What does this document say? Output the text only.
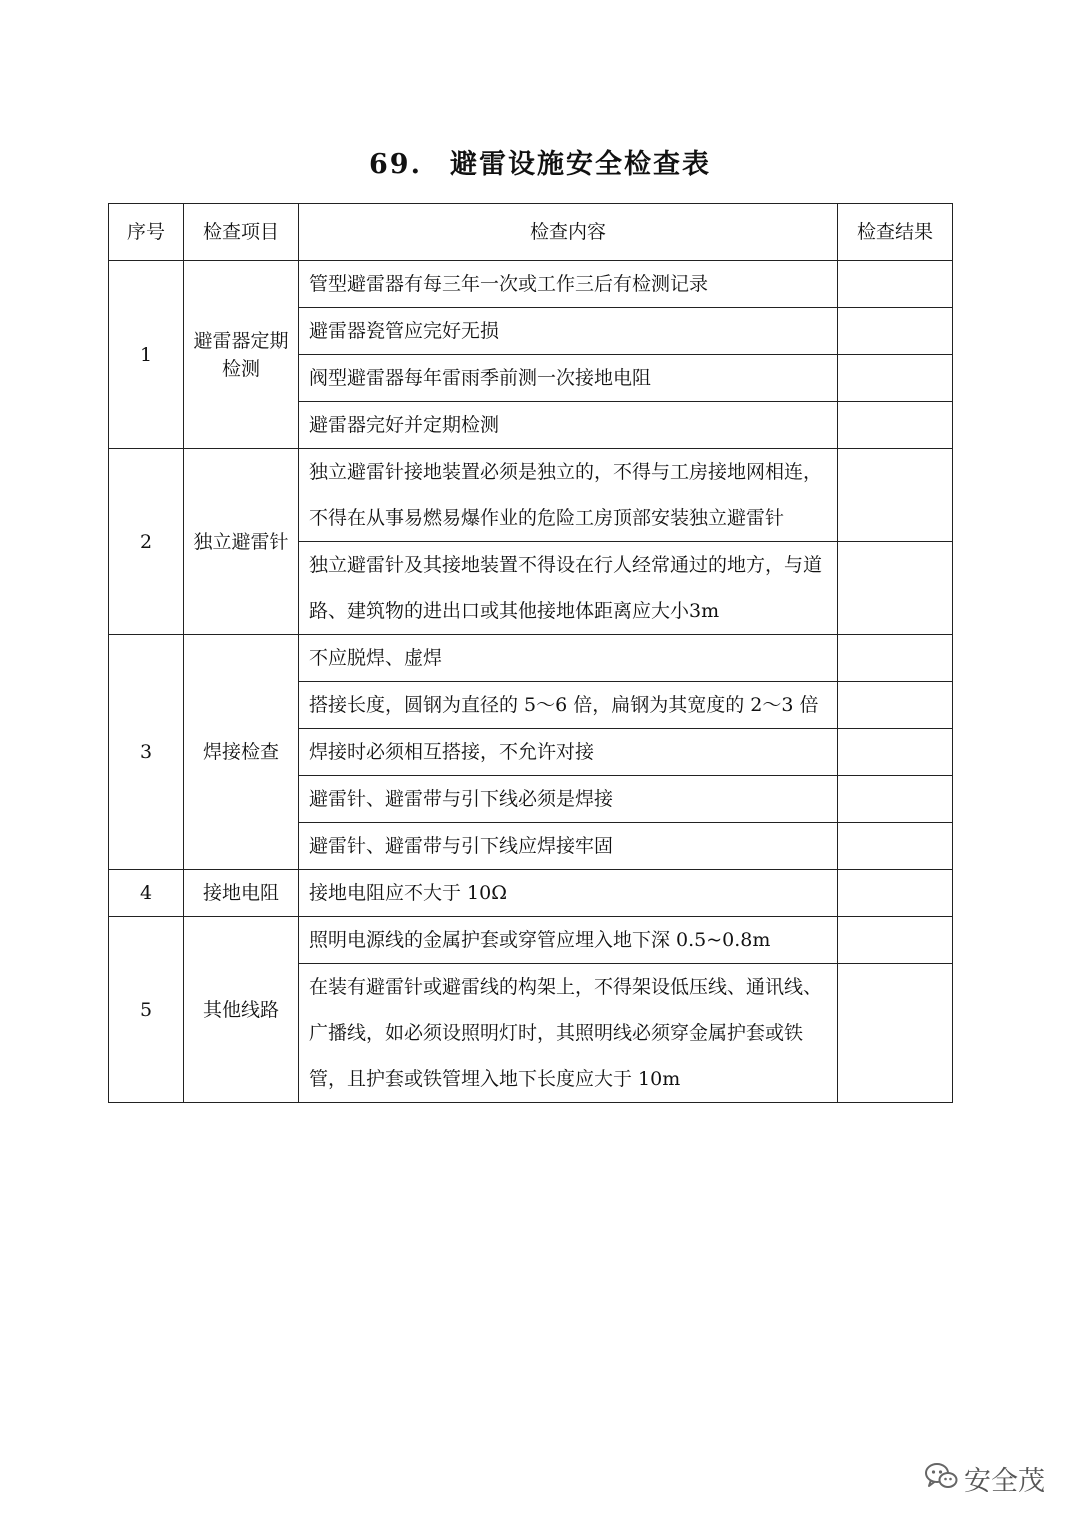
69. 避雷设施安全检查表
序号	检查项目	检查内容	检查结果
1	避雷器定期检测	管型避雷器有每三年一次或工作三后有检测记录	
		避雷器瓷管应完好无损	
		阀型避雷器每年雷雨季前测一次接地电阻	
		避雷器完好并定期检测	
2	独立避雷针	独立避雷针接地装置必须是独立的，不得与工房接地网相连，不得在从事易燃易爆作业的危险工房顶部安装独立避雷针	
		独立避雷针及其接地装置不得设在行人经常通过的地方，与道路、建筑物的进出口或其他接地体距离应大小3m	
3	焊接检查	不应脱焊、虚焊	
		搭接长度，圆钢为直径的 5～6 倍，扁钢为其宽度的 2～3 倍	
		焊接时必须相互搭接，不允许对接	
		避雷针、避雷带与引下线必须是焊接	
		避雷针、避雷带与引下线应焊接牢固	
4	接地电阻	接地电阻应不大于 10Ω	
5	其他线路	照明电源线的金属护套或穿管应埋入地下深 0.5~0.8m	
		在装有避雷针或避雷线的构架上，不得架设低压线、通讯线、广播线，如必须设照明灯时，其照明线必须穿金属护套或铁管，且护套或铁管埋入地下长度应大于 10m	
安全茂
